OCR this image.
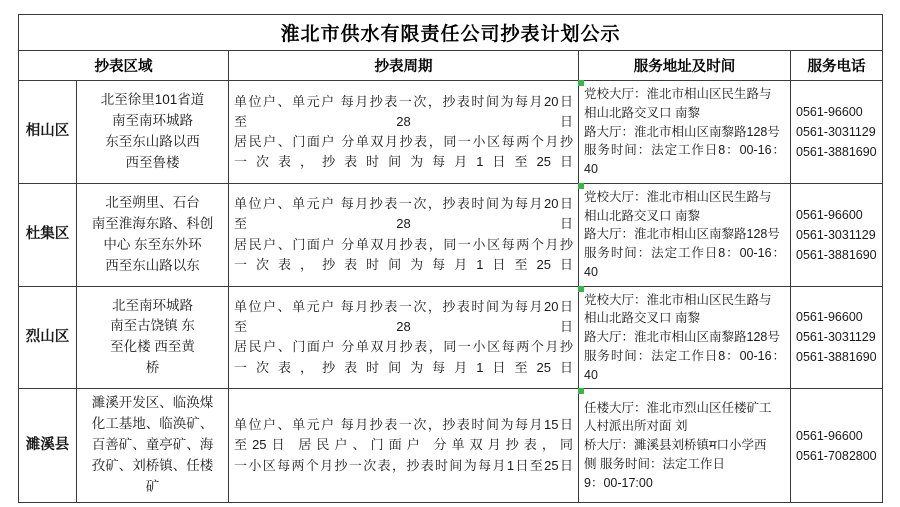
淮北市供水有限责任公司抄表计划公示				
抄表区域		抄表周期	服务地址及时间	服务电话
相山区	北至徐里101省道
南至南环城路
东至东山路以西
西至鲁楼	单位户、单元户 每月抄表一次，抄表时间为每月20日
至28日
居民户、门面户 分单双月抄表，同一小区每两个月抄
一次表，抄表时间为每月1日至25日	党校大厅：淮北市相山区民生路与
相山北路交叉口 南黎
路大厅：淮北市相山区南黎路128号
服务时间：法定工作日8：00-16：40	0561-96600
0561-3031129
0561-3881690

杜集区	北至朔里、石台
南至淮海东路、科创
中心 东至东外环
西至东山路以东	单位户、单元户 每月抄表一次，抄表时间为每月20日
至28日
居民户、门面户 分单双月抄表，同一小区每两个月抄
一次表，抄表时间为每月1日至25日	党校大厅：淮北市相山区民生路与
相山北路交叉口 南黎
路大厅：淮北市相山区南黎路128号
服务时间：法定工作日8：00-16：40	0561-96600
0561-3031129
0561-3881690

烈山区	北至南环城路
南至古饶镇 东
至化楼 西至黄
桥	单位户、单元户 每月抄表一次，抄表时间为每月20日
至28日
居民户、门面户 分单双月抄表，同一小区每两个月抄
一次表，抄表时间为每月1日至25日	党校大厅：淮北市相山区民生路与
相山北路交叉口 南黎
路大厅：淮北市相山区南黎路128号
服务时间：法定工作日8：00-16：40	0561-96600
0561-3031129
0561-3881690

濉溪县	濉溪开发区、临涣煤
化工基地、临涣矿、
百善矿、童亭矿、海
孜矿、刘桥镇、任楼
矿	单位户、单元户 每月抄表一次，抄表时间为每月15日
至25日 居民户、门面户 分单双月抄表，同
一小区每两个月抄一次表，抄表时间为每月1日至25日	任楼大厅：淮北市烈山区任楼矿工
人村派出所对面 刘
桥大厅：濉溪县刘桥镇म口小学西
侧 服务时间：法定工作日
9：00-17:00	0561-96600
0561-7082800
